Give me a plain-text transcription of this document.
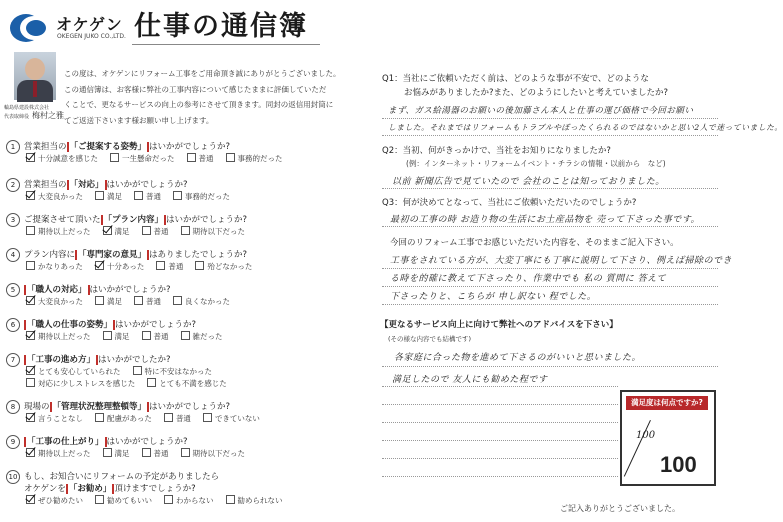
オケゲン
OKEGEN JUKO CO.,LTD. 仕事の通信簿
輪島県建設株式会社
代表取締役 梅村之雅
この度は、オケゲンにリフォーム工事をご用命頂き誠にありがとうございました。
この通信簿は、お客様に弊社の工事内容について感じたままに評価していただ
くことで、更なるサービスの向上の参考にさせて頂きます。同封の返信用封筒に
てご返送下さいます様お願い申し上げます。
1	営業担当の 「ご提案する姿勢」 はいかがでしょうか?
十分誠意を感じた	一生懸命だった	普通	事務的だった
2	営業担当の 「対応」 はいかがでしょうか?
大変良かった	満足	普通	事務的だった
3	ご提案させて頂いた 「プラン内容」 はいかがでしょうか?
期待以上だった	満足	普通	期待以下だった
4	プラン内容に 「専門家の意見」 はありましたでしょうか?
かなりあった	十分あった	普通	殆どなかった
5	「職人の対応」 はいかがでしょうか?
大変良かった	満足	普通	良くなかった
6	「職人の仕事の姿勢」 はいかがでしょうか?
期待以上だった	満足	普通	雑だった
7	「工事の進め方」 はいかがでしたか?
とても安心していられた	特に不安はなかった
対応に少しストレスを感じた	とても不満を感じた
8	現場の 「管理状況整理整頓等」 はいかがでしょうか?
言うことなし	配慮があった	普通	できていない
9	「工事の仕上がり」 はいかがでしょうか?
期待以上だった	満足	普通	期待以下だった
10 もし、お知合いにリフォームの予定がありましたら
オケゲンを 「お勧め」 頂けますでしょうか?
ぜひ勧めたい	勧めてもいい	わからない	勧められない
Q1：当社にご依頼いただく前は、どのような事が不安で、どのような
お悩みがありましたか?また、どのようにしたいと考えていましたか?
まず、ガス給湯器のお願いの後加藤さん本人と仕事の運び価格で今回お願い
しました。それまではリフォームもトラブルやぼったくられるのではないかと思い2人で迷っていました。
Q2：当初、何がきっかけで、当社をお知りになりましたか?
(例：インターネット・リフォームイベント・チラシの情報・以前から　など)
以前 新聞広告で見ていたので 会社のことは知っておりました。
Q3：何が決めてとなって、当社にご依頼いただいたのでしょうか?
最初の工事の時 お造り物の生活にお土産品物を 売って下さった事です。
今回のリフォーム工事でお感じいただいた内容を、そのままご記入下さい。
工事をされている方が、大変丁寧にも丁寧に説明して下さり、例えば掃除のでき
る時を的確に教えて下さったり、作業中でも 私の 質問に 答えて
下さったりと、こちらが 申し訳ない 程でした。
【更なるサービス向上に向けて弊社へのアドバイスを下さい】
(その様な内容でも結構です)
各家庭に合った物を進めて下さるのがいいと思いました。
満足したので 友人にも勧めた程です
満足度は何点ですか?
100
100
ご記入ありがとうございました。
